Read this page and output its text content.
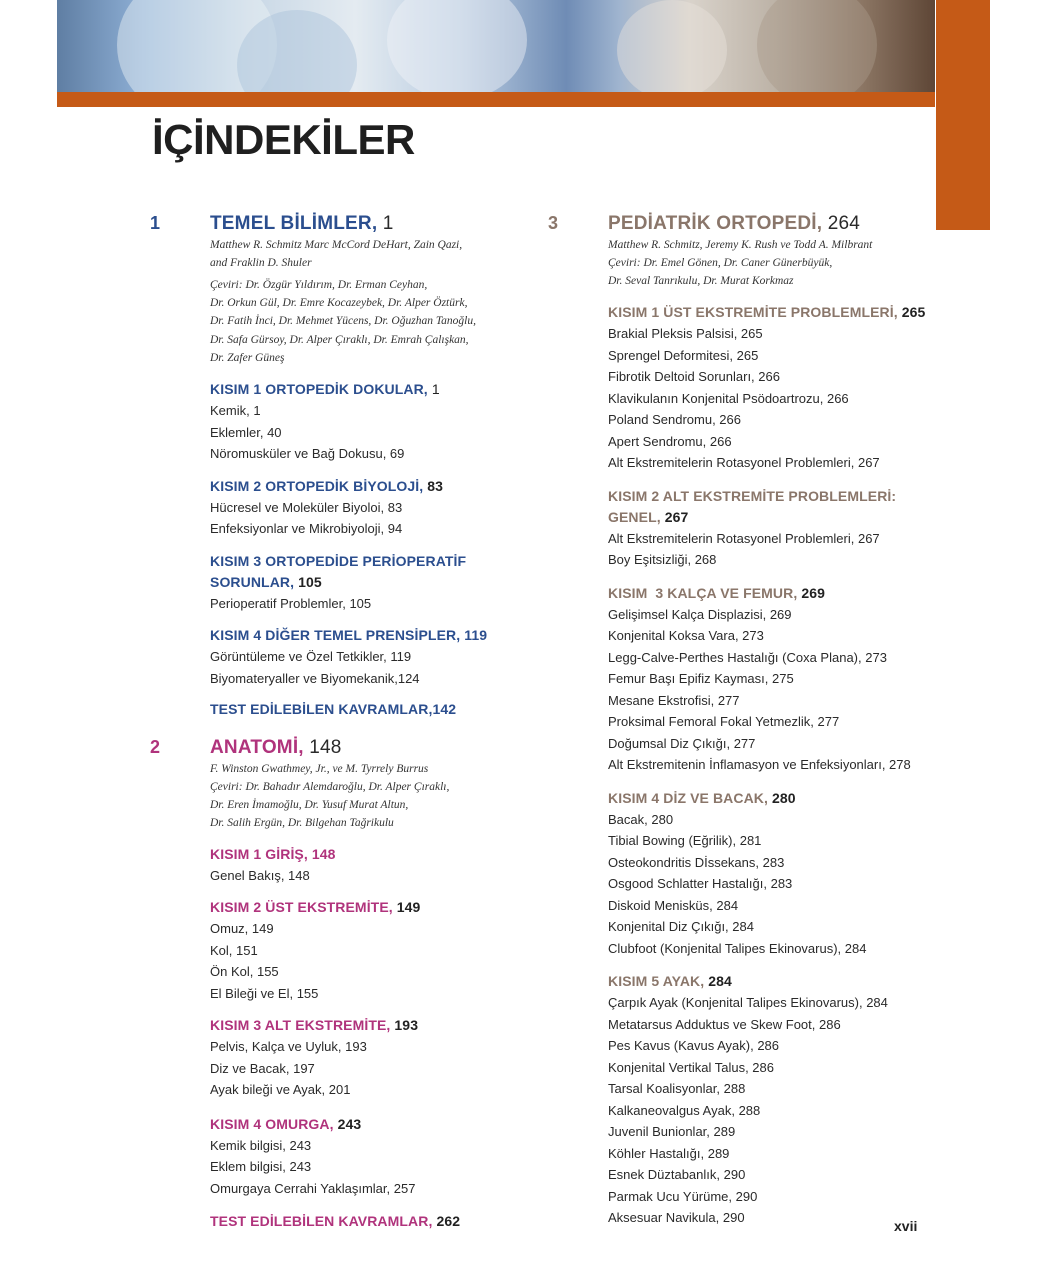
İÇİNDEKİLER
1	TEMEL BİLİMLER, 1
Matthew R. Schmitz Marc McCord DeHart, Zain Qazi,
and Fraklin D. Shuler
Çeviri: Dr. Özgür Yıldırım, Dr. Erman Ceyhan,
Dr. Orkun Gül, Dr. Emre Kocazeybek, Dr. Alper Öztürk,
Dr. Fatih İnci, Dr. Mehmet Yücens, Dr. Oğuzhan Tanoğlu,
Dr. Safa Gürsoy, Dr. Alper Çıraklı, Dr. Emrah Çalışkan,
Dr. Zafer Güneş
KISIM 1 ORTOPEDİK DOKULAR, 1
Kemik, 1
Eklemler, 40
Nöromusküler ve Bağ Dokusu, 69
KISIM 2 ORTOPEDİK BİYOLOJİ, 83
Hücresel ve Moleküler Biyoloi, 83
Enfeksiyonlar ve Mikrobiyoloji, 94
KISIM 3 ORTOPEDİDE PERİOPERATİF
SORUNLAR, 105
Perioperatif Problemler, 105
KISIM 4 DİĞER TEMEL PRENSİPLER, 119
Görüntüleme ve Özel Tetkikler, 119
Biyomateryaller ve Biyomekanik,124
TEST EDİLEBİLEN KAVRAMLAR,142
2	ANATOMİ, 148
F. Winston Gwathmey, Jr., ve M. Tyrrely Burrus
Çeviri: Dr. Bahadır Alemdaroğlu, Dr. Alper Çıraklı,
Dr. Eren İmamoğlu, Dr. Yusuf Murat Altun,
Dr. Salih Ergün, Dr. Bilgehan Tağrikulu
KISIM 1 GİRİŞ, 148
Genel Bakış, 148
KISIM 2 ÜST EKSTREMİTE, 149
Omuz, 149
Kol, 151
Ön Kol, 155
El Bileği ve El, 155
KISIM 3 ALT EKSTREMİTE, 193
Pelvis, Kalça ve Uyluk, 193
Diz ve Bacak, 197
Ayak bileği ve Ayak, 201
KISIM 4 OMURGA, 243
Kemik bilgisi, 243
Eklem bilgisi, 243
Omurgaya Cerrahi Yaklaşımlar, 257
TEST EDİLEBİLEN KAVRAMLAR, 262
3	PEDİATRİK ORTOPEDİ, 264
Matthew R. Schmitz, Jeremy K. Rush ve Todd A. Milbrant
Çeviri: Dr. Emel Gönen, Dr. Caner Günerbüyük,
Dr. Seval Tanrıkulu, Dr. Murat Korkmaz
KISIM 1 ÜST EKSTREMİTE PROBLEMLERİ, 265
Brakial Pleksis Palsisi, 265
Sprengel Deformitesi, 265
Fibrotik Deltoid Sorunları, 266
Klavikulanın Konjenital Psödoartrozu, 266
Poland Sendromu, 266
Apert Sendromu, 266
Alt Ekstremitelerin Rotasyonel Problemleri, 267
KISIM 2 ALT EKSTREMİTE PROBLEMLERİ:
GENEL, 267
Alt Ekstremitelerin Rotasyonel Problemleri, 267
Boy Eşitsizliği, 268
KISIM  3 KALÇA VE FEMUR, 269
Gelişimsel Kalça Displazisi, 269
Konjenital Koksa Vara, 273
Legg-Calve-Perthes Hastalığı (Coxa Plana), 273
Femur Başı Epifiz Kayması, 275
Mesane Ekstrofisi, 277
Proksimal Femoral Fokal Yetmezlik, 277
Doğumsal Diz Çıkığı, 277
Alt Ekstremitenin İnflamasyon ve Enfeksiyonları, 278
KISIM 4 DİZ VE BACAK, 280
Bacak, 280
Tibial Bowing (Eğrilik), 281
Osteokondritis Dİssekans, 283
Osgood Schlatter Hastalığı, 283
Diskoid Menisküs, 284
Konjenital Diz Çıkığı, 284
Clubfoot (Konjenital Talipes Ekinovarus), 284
KISIM 5 AYAK, 284
Çarpık Ayak (Konjenital Talipes Ekinovarus), 284
Metatarsus Adduktus ve Skew Foot, 286
Pes Kavus (Kavus Ayak), 286
Konjenital Vertikal Talus, 286
Tarsal Koalisyonlar, 288
Kalkaneovalgus Ayak, 288
Juvenil Bunionlar, 289
Köhler Hastalığı, 289
Esnek Düztabanlık, 290
Parmak Ucu Yürüme, 290
Aksesuar Navikula, 290
xvii
